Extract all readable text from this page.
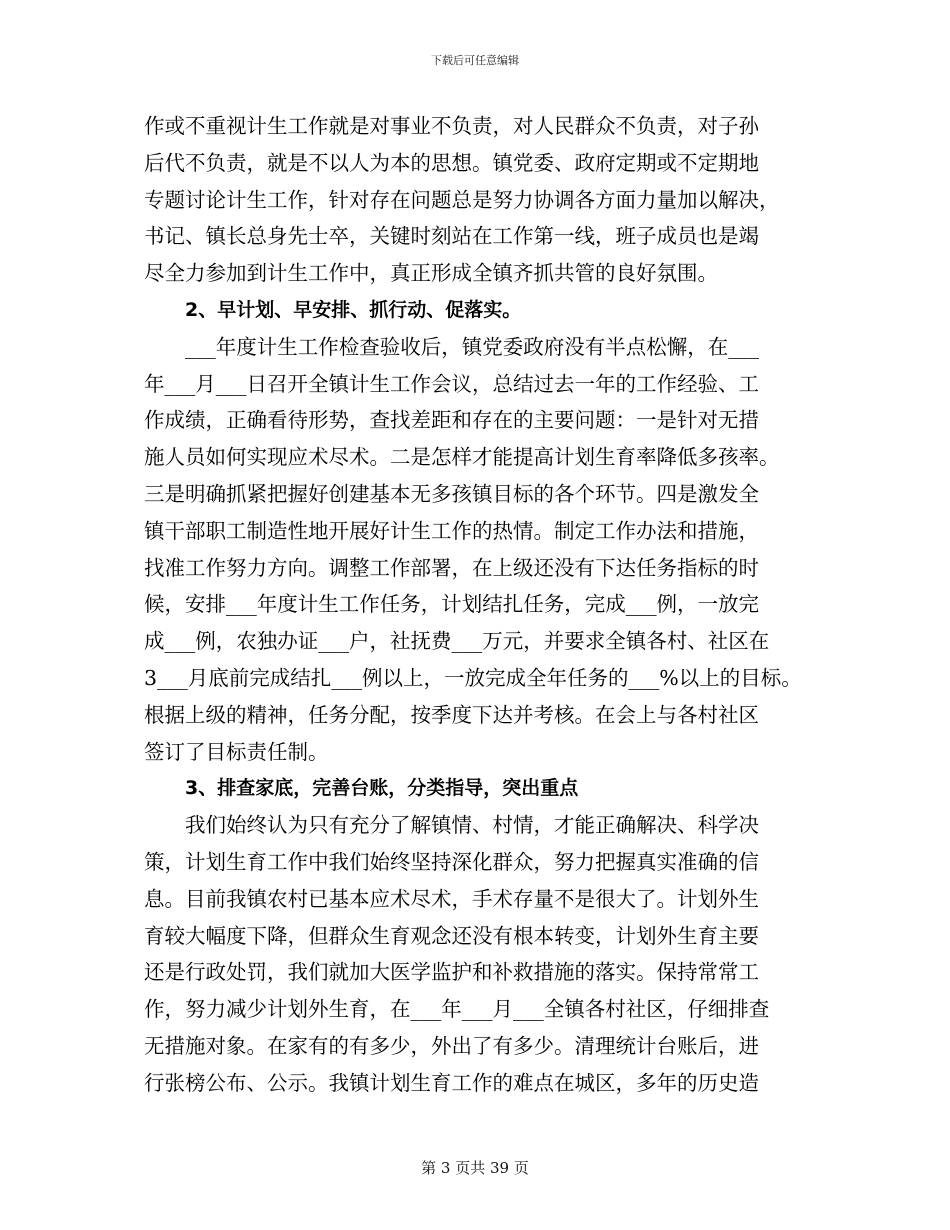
下载后可任意编辑
作或不重视计生工作就是对事业不负责，对人民群众不负责，对子孙
后代不负责，就是不以人为本的思想。镇党委、政府定期或不定期地
专题讨论计生工作，针对存在问题总是努力协调各方面力量加以解决，
书记、镇长总身先士卒，关键时刻站在工作第一线，班子成员也是竭
尽全力参加到计生工作中，真正形成全镇齐抓共管的良好氛围。
2、早计划、早安排、抓行动、促落实。
___年度计生工作检查验收后，镇党委政府没有半点松懈，在___
年___月___日召开全镇计生工作会议，总结过去一年的工作经验、工
作成绩，正确看待形势，查找差距和存在的主要问题：一是针对无措
施人员如何实现应术尽术。二是怎样才能提高计划生育率降低多孩率。
三是明确抓紧把握好创建基本无多孩镇目标的各个环节。四是激发全
镇干部职工制造性地开展好计生工作的热情。制定工作办法和措施，
找准工作努力方向。调整工作部署，在上级还没有下达任务指标的时
候，安排___年度计生工作任务，计划结扎任务，完成___例，一放完
成___例，农独办证___户，社抚费___万元，并要求全镇各村、社区在
3___月底前完成结扎___例以上，一放完成全年任务的___%以上的目标。
根据上级的精神，任务分配，按季度下达并考核。在会上与各村社区
签订了目标责任制。
3、排查家底，完善台账，分类指导，突出重点
我们始终认为只有充分了解镇情、村情，才能正确解决、科学决
策，计划生育工作中我们始终坚持深化群众，努力把握真实准确的信
息。目前我镇农村已基本应术尽术，手术存量不是很大了。计划外生
育较大幅度下降，但群众生育观念还没有根本转变，计划外生育主要
还是行政处罚，我们就加大医学监护和补救措施的落实。保持常常工
作，努力减少计划外生育，在___年___月___全镇各村社区，仔细排查
无措施对象。在家有的有多少，外出了有多少。清理统计台账后，进
行张榜公布、公示。我镇计划生育工作的难点在城区，多年的历史造
第 3 页共 39 页
